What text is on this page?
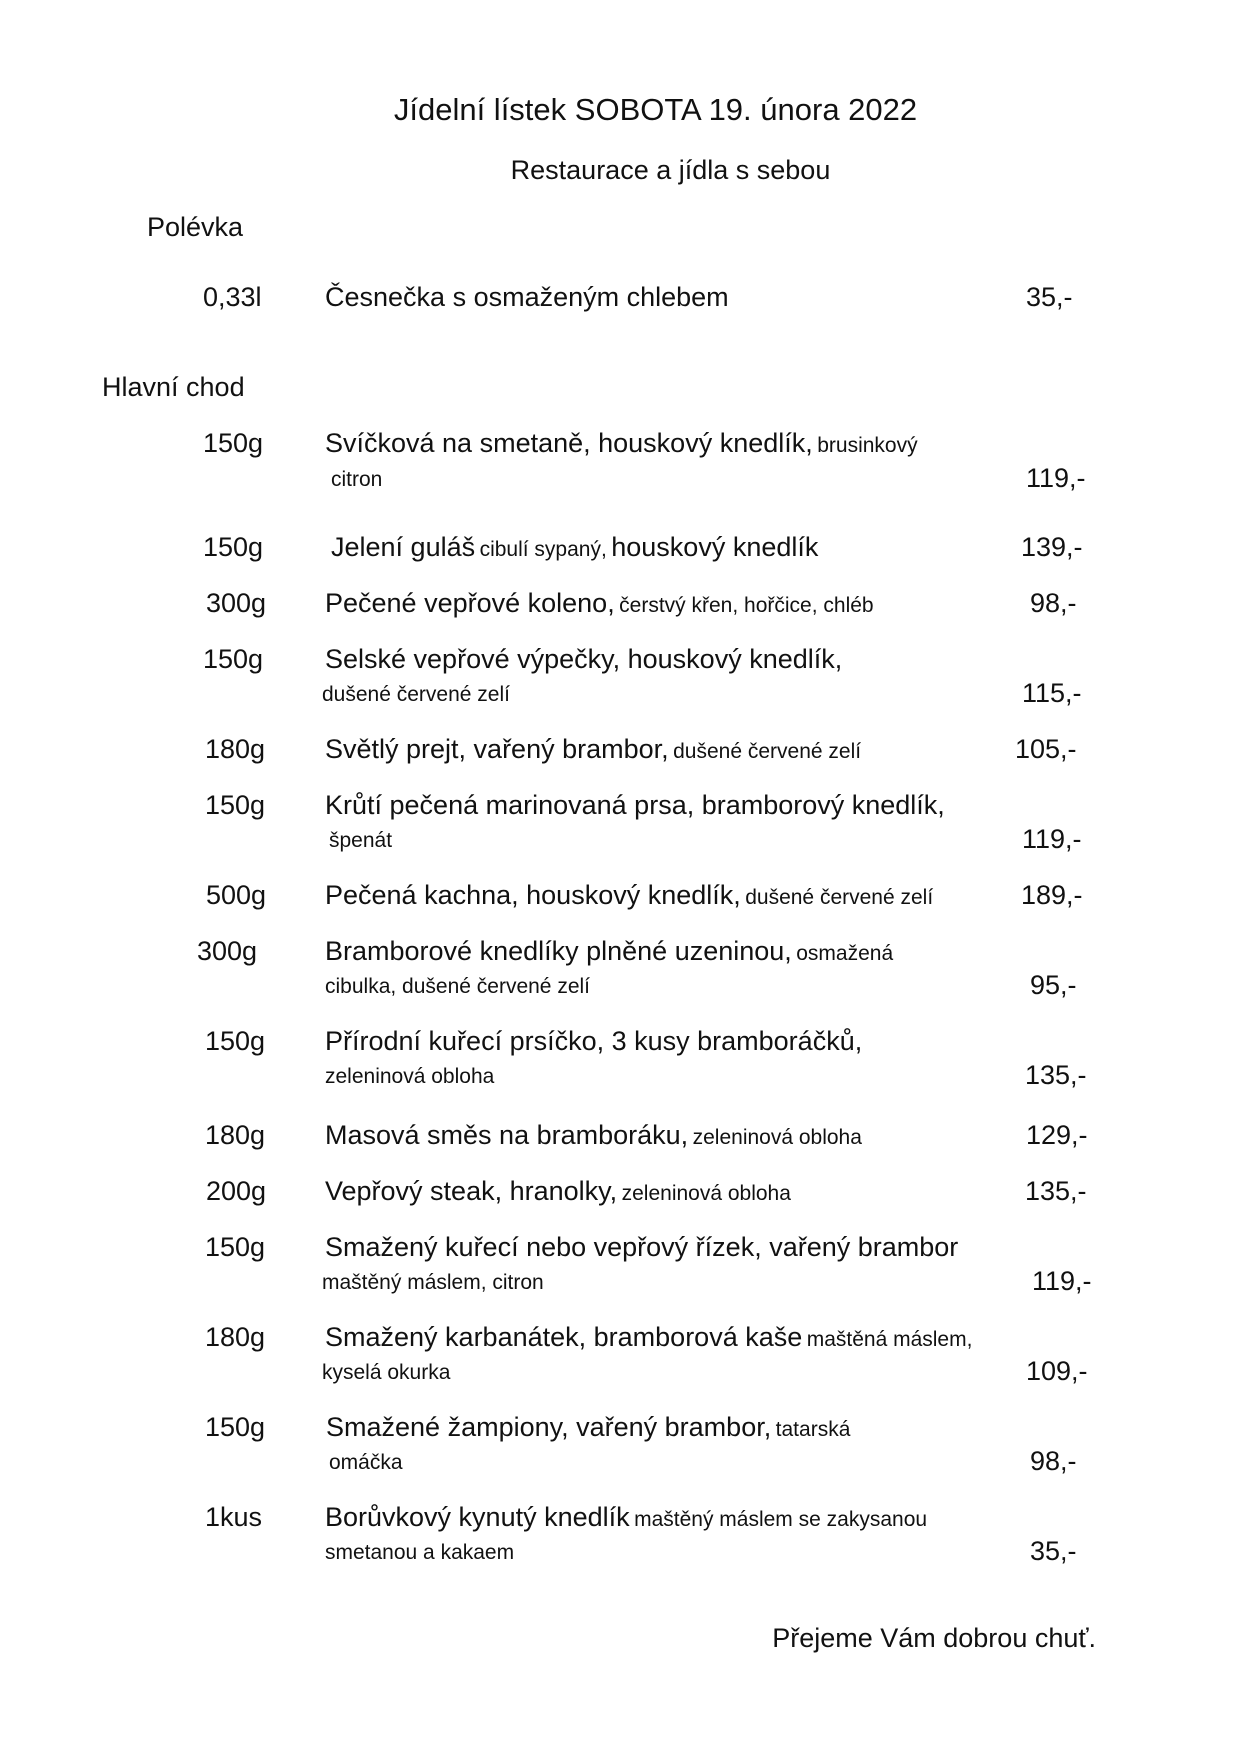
Jídelní lístek SOBOTA 19. února 2022
Restaurace a jídla s sebou
Polévka
0,33l Česnečka s osmaženým chlebem	35,-
Hlavní chod
150g Svíčková na smetaně, houskový knedlík, brusinkový
citron	119,-
150g	Jelení guláš cibulí sypaný, houskový knedlík	139,-
300g Pečené vepřové koleno, čerstvý křen, hořčice, chléb	98,-
150g Selské vepřové výpečky, houskový knedlík,
dušené červené zelí	115,-
180g Světlý prejt, vařený brambor, dušené červené zelí	105,-
150g Krůtí pečená marinovaná prsa, bramborový knedlík,
špenát	119,-
500g Pečená kachna, houskový knedlík, dušené červené zelí	189,-
300g	Bramborové knedlíky plněné uzeninou, osmažená
cibulka, dušené červené zelí	95,-
150g Přírodní kuřecí prsíčko, 3 kusy bramboráčků,
zeleninová obloha	135,-
180g Masová směs na bramboráku, zeleninová obloha	129,-
200g Vepřový steak, hranolky, zeleninová obloha	135,-
150g Smažený kuřecí nebo vepřový řízek, vařený brambor
maštěný máslem, citron	119,-
180g Smažený karbanátek, bramborová kaše maštěná máslem,
kyselá okurka	109,-
150g Smažené žampiony, vařený brambor, tatarská
omáčka	98,-
1kus Borůvkový kynutý knedlík maštěný máslem se zakysanou
smetanou a kakaem	35,-
Přejeme Vám dobrou chuť.
